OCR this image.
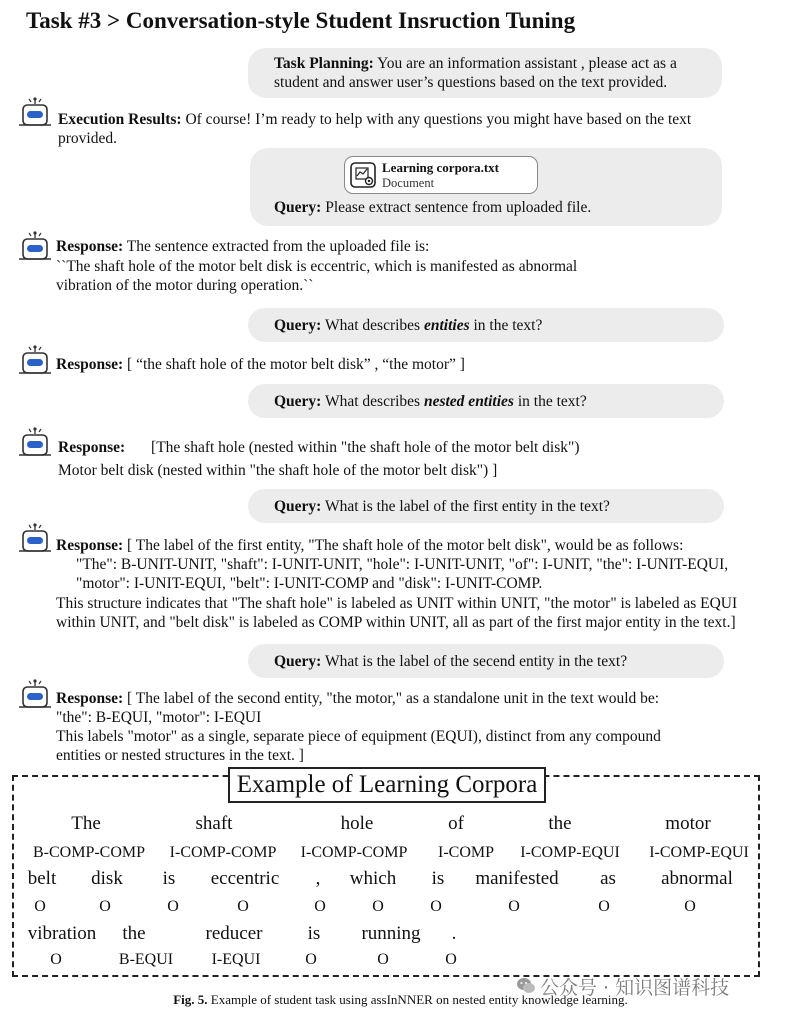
Task #3 > Conversation-style Student Insruction Tuning
Task Planning: You are an information assistant , please act as a
student and answer user’s questions based on the text provided.
Execution Results: Of course! I’m ready to help with any questions you might have based on the text
provided.
Learning corpora.txt
Document
Query: Please extract sentence from uploaded file.
Response: The sentence extracted from the uploaded file is:
``The shaft hole of the motor belt disk is eccentric, which is manifested as abnormal
vibration of the motor during operation.``
Query: What describes entities in the text?
Response: [ “the shaft hole of the motor belt disk” , “the motor” ]
Query: What describes nested entities in the text?
Response: [The shaft hole (nested within "the shaft hole of the motor belt disk")
Motor belt disk (nested within "the shaft hole of the motor belt disk") ]
Query: What is the label of the first entity in the text?
Response: [ The label of the first entity, "The shaft hole of the motor belt disk", would be as follows:
"The": B-UNIT-UNIT, "shaft": I-UNIT-UNIT, "hole": I-UNIT-UNIT, "of": I-UNIT, "the": I-UNIT-EQUI,
"motor": I-UNIT-EQUI, "belt": I-UNIT-COMP and "disk": I-UNIT-COMP.
This structure indicates that "The shaft hole" is labeled as UNIT within UNIT, "the motor" is labeled as EQUI
within UNIT, and "belt disk" is labeled as COMP within UNIT, all as part of the first major entity in the text.]
Query: What is the label of the secend entity in the text?
Response: [ The label of the second entity, "the motor," as a standalone unit in the text would be:
"the": B-EQUI, "motor": I-EQUI
This labels "motor" as a single, separate piece of equipment (EQUI), distinct from any compound
entities or nested structures in the text. ]
Example of Learning Corpora
The	shaft	hole	of	the	motor
B-COMP-COMP I-COMP-COMP I-COMP-COMP I-COMP I-COMP-EQUI I-COMP-EQUI
belt disk is eccentric , which is manifested as abnormal
O	O	O	O	O	O	O	O	O	O
vibration the	reducer is running .
O	B-EQUI I-EQUI	O	O	O
公众号 · 知识图谱科技
Fig. 5. Example of student task using assInNNER on nested entity knowledge learning.
